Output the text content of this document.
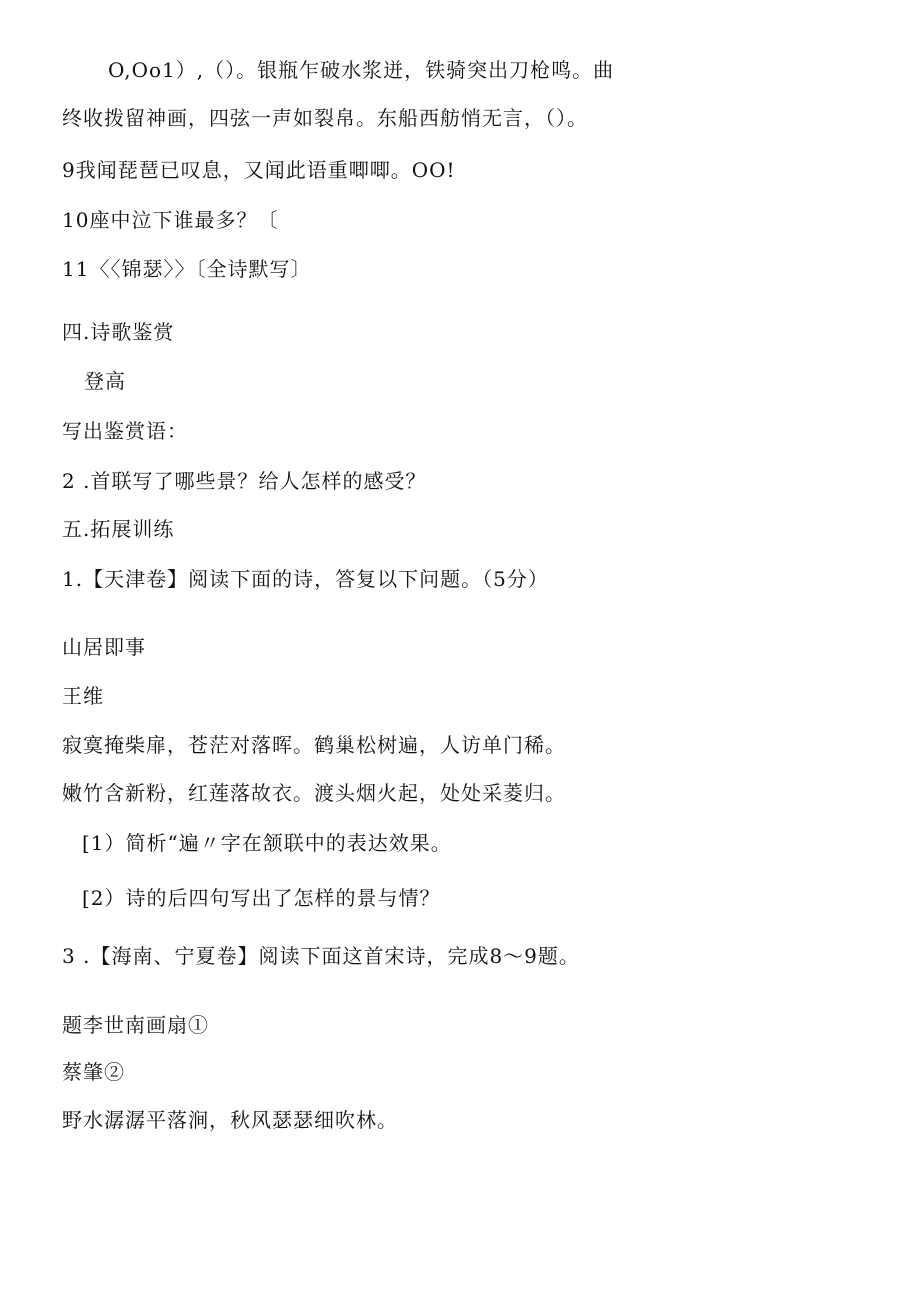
O,Oo1）,（）。银瓶乍破水浆迸，铁骑突出刀枪鸣。曲
终收拨留神画，四弦一声如裂帛。东船西舫悄无言，（）。
9我闻琵琶已叹息，又闻此语重唧唧。OO!
10座中泣下谁最多？〔
11〈〈锦瑟〉〉〔全诗默写〕
四.诗歌鉴赏
登高
写出鉴赏语：
2 .首联写了哪些景？给人怎样的感受？
五.拓展训练
1.【天津卷】阅读下面的诗，答复以下问题。（5分）
山居即事
王维
寂寞掩柴扉，苍茫对落晖。鹤巢松树遍，人访单门稀。
嫩竹含新粉，红莲落故衣。渡头烟火起，处处采菱归。
[1）简析“遍〃字在颔联中的表达效果。
[2）诗的后四句写出了怎样的景与情？
3 .【海南、宁夏卷】阅读下面这首宋诗，完成8～9题。
题李世南画扇①
蔡肇②
野水潺潺平落涧，秋风瑟瑟细吹林。
